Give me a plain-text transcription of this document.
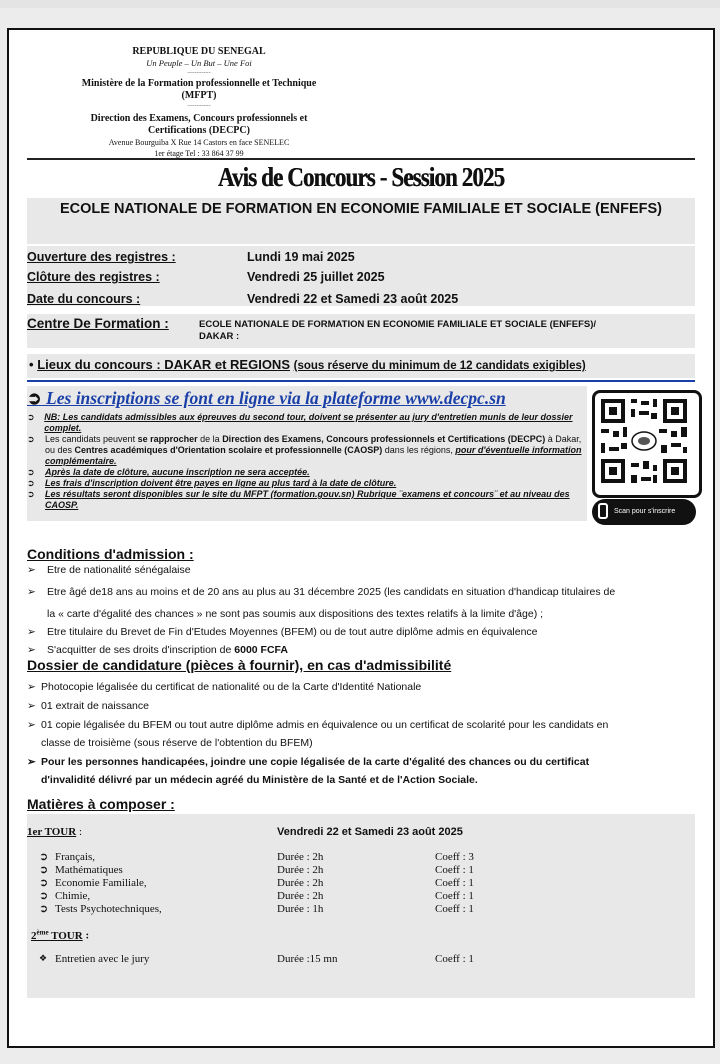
REPUBLIQUE DU SENEGAL
Un Peuple – Un But – Une Foi
----------
Ministère de la Formation professionnelle et Technique (MFPT)
----------
Direction des Examens, Concours professionnels et Certifications (DECPC)
Avenue Bourguiba X Rue 14 Castors en face SENELEC
1er étage Tel : 33 864 37 99
Avis de Concours - Session 2025
ECOLE NATIONALE DE FORMATION EN ECONOMIE FAMILIALE ET SOCIALE (ENFEFS)
Ouverture des registres :	Lundi 19 mai 2025
Clôture des registres :	Vendredi 25 juillet 2025
Date du concours :	Vendredi 22 et Samedi 23 août 2025
Centre De Formation :	ECOLE NATIONALE DE FORMATION EN ECONOMIE FAMILIALE ET SOCIALE (ENFEFS)/
DAKAR :
• Lieux du concours : DAKAR et REGIONS (sous réserve du minimum de 12 candidats exigibles)
➲ Les inscriptions se font en ligne via la plateforme www.decpc.sn
➲	NB: Les candidats admissibles aux épreuves du second tour, doivent se présenter au jury d'entretien munis de leur dossier complet.
➲	Les candidats peuvent se rapprocher de la Direction des Examens, Concours professionnels et Certifications (DECPC) à Dakar, ou des Centres académiques d'Orientation scolaire et professionnelle (CAOSP) dans les régions, pour d'éventuelle information complémentaire.
➲	Après la date de clôture, aucune inscription ne sera acceptée.
➲	Les frais d'inscription doivent être payes en ligne au plus tard à la date de clôture.
➲	Les résultats seront disponibles sur le site du MFPT (formation.gouv.sn) Rubrique ¨examens et concours¨ et au niveau des CAOSP.
Scan pour s'inscrire
Conditions d'admission :
➢ Etre de nationalité sénégalaise
➢ Etre âgé de18 ans au moins et de 20 ans au plus au 31 décembre 2025 (les candidats en situation d'handicap titulaires de
la « carte d'égalité des chances » ne sont pas soumis aux dispositions des textes relatifs à la limite d'âge) ;
➢ Etre titulaire du Brevet de Fin d'Etudes Moyennes (BFEM) ou de tout autre diplôme admis en équivalence
➢ S'acquitter de ses droits d'inscription de 6000 FCFA
Dossier de candidature (pièces à fournir), en cas d'admissibilité
➢ Photocopie légalisée du certificat de nationalité ou de la Carte d'Identité Nationale
➢ 01 extrait de naissance
➢ 01 copie légalisée du BFEM ou tout autre diplôme admis en équivalence ou un certificat de scolarité pour les candidats en
classe de troisième (sous réserve de l'obtention du BFEM)
➢ Pour les personnes handicapées, joindre une copie légalisée de la carte d'égalité des chances ou du certificat
d'invalidité délivré par un médecin agréé du Ministère de la Santé et de l'Action Sociale.
Matières à composer :
1er TOUR :	Vendredi 22 et Samedi 23 août 2025
➲	Français,	Durée : 2h	Coeff : 3
➲	Mathématiques	Durée : 2h	Coeff : 1
➲	Economie Familiale,	Durée : 2h	Coeff : 1
➲	Chimie,	Durée : 2h	Coeff : 1
➲	Tests Psychotechniques,	Durée : 1h	Coeff : 1
2ème TOUR :
❖	Entretien avec le jury	Durée :15 mn	Coeff : 1
